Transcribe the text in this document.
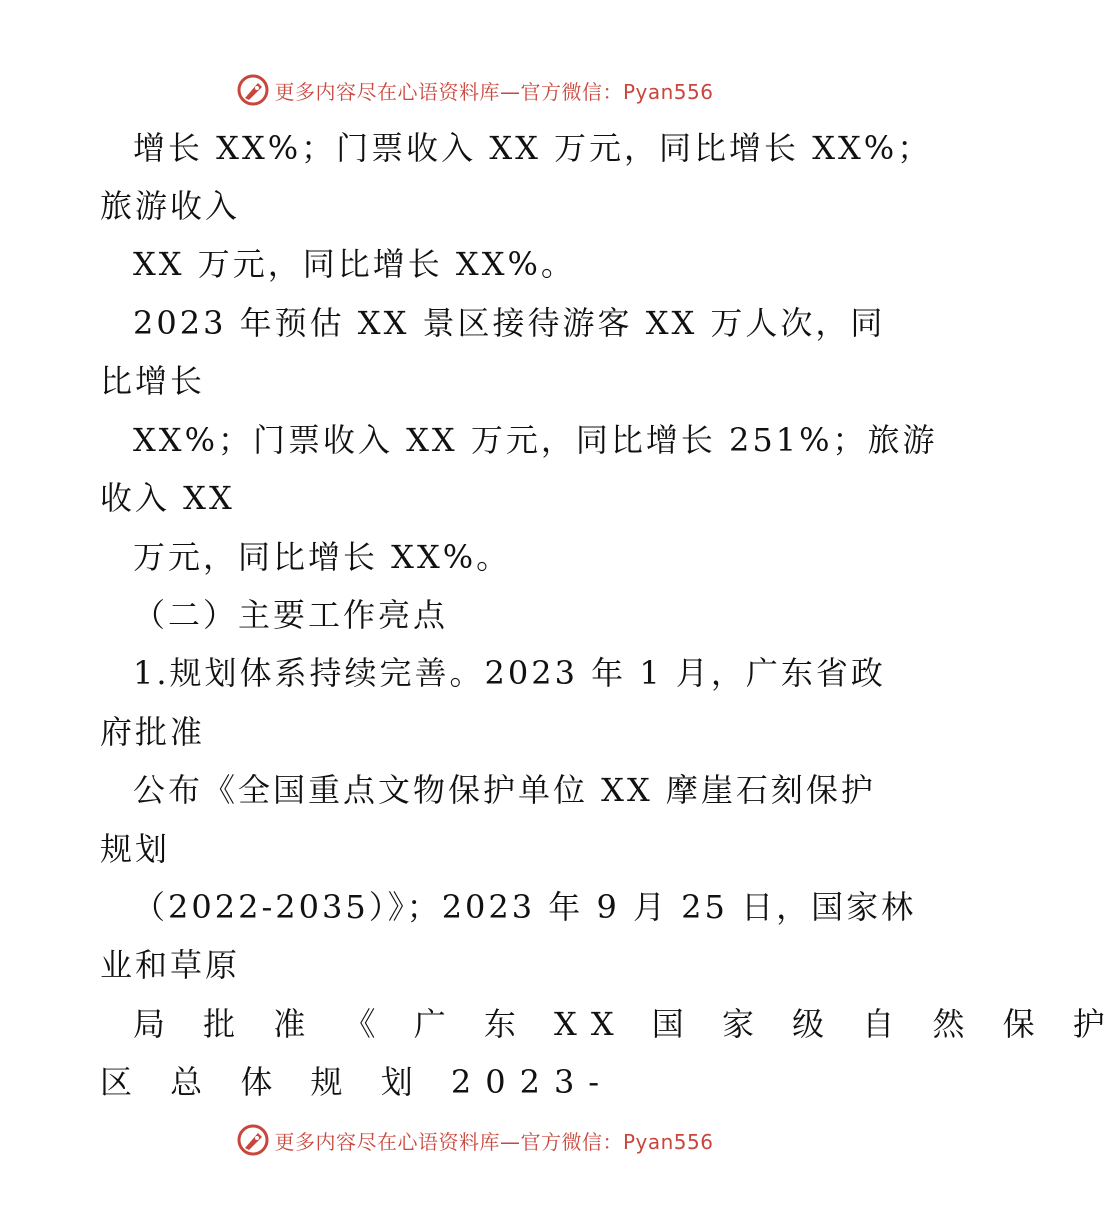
更多内容尽在心语资料库—官方微信：Pyan556
增长 XX%；门票收入 XX 万元，同比增长 XX%；
旅游收入
XX 万元，同比增长 XX%。
2023 年预估 XX 景区接待游客 XX 万人次，同
比增长
XX%；门票收入 XX 万元，同比增长 251%；旅游
收入 XX
万元，同比增长 XX%。
（二）主要工作亮点
1.规划体系持续完善。2023 年 1 月，广东省政
府批准
公布《全国重点文物保护单位 XX 摩崖石刻保护
规划
（2022-2035）》；2023 年 9 月 25 日，国家林
业和草原
局 批 准 《 广 东 XX 国 家 级 自 然 保 护
区 总 体 规 划 2023-
更多内容尽在心语资料库—官方微信：Pyan556
